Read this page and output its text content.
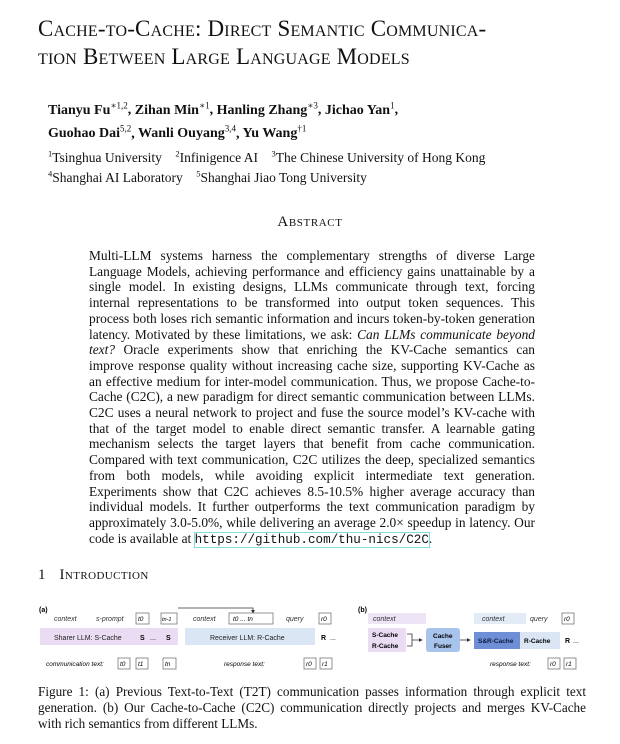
Cache-to-Cache: Direct Semantic Communica-
tion Between Large Language Models
Tianyu $Fu^{∗1,2}$, Zihan Min$^{∗1}$, Hanling Zhang$^{∗3}$, Jichao Yan$^1$,
Guohao Dai$^{5,2}$, Wanli Ouyang$^{3,4}$, Yu Wang$^{\dagger 1}$
$^1$Tsinghua University $^2$Infinigence AI $^3$The Chinese University of Hong Kong
$^4$Shanghai AI Laboratory $^5$Shanghai Jiao Tong University
Abstract
Multi-LLM systems harness the complementary strengths of diverse Large Language Models, achieving performance and efficiency gains unattainable by a single model. In existing designs, LLMs communicate through text, forcing internal representations to be transformed into output token sequences. This process both loses rich semantic information and incurs token-by-token generation latency. Motivated by these limitations, we ask: Can LLMs communicate beyond text? Oracle experiments show that enriching the KV-Cache semantics can improve response quality without increasing cache size, supporting KV-Cache as an effective medium for inter-model communication. Thus, we propose Cache-to-Cache (C2C), a new paradigm for direct semantic communication between LLMs. C2C uses a neural network to project and fuse the source model’s KV-cache with that of the target model to enable direct semantic transfer. A learnable gating mechanism selects the target layers that benefit from cache communication. Compared with text communication, C2C utilizes the deep, specialized semantics from both models, while avoiding explicit intermediate text generation. Experiments show that C2C achieves 8.5-10.5% higher average accuracy than individual models. It further outperforms the text communication paradigm by approximately 3.0-5.0%, while delivering an average 2.0× speedup in latency. Our code is available at https://github.com/thu-nics/C2C.
1 Introduction
(a)
context	s-prompt t0	tn-1
Sharer LLM: S-Cache	S ... S
communication text: t0 t1	tn
context	t0 ... tn	query	r0
Receiver LLM: R-Cache	R ...
response text:	r0 r1
(b)
context
S-Cache
R-Cache
Cache
Fuser
context	query	r0
S&R-Cache R-Cache R ...
response text:	r0 r1
Figure 1: (a) Previous Text-to-Text (T2T) communication passes information through explicit text generation. (b) Our Cache-to-Cache (C2C) communication directly projects and merges KV-Cache with rich semantics from different LLMs.
